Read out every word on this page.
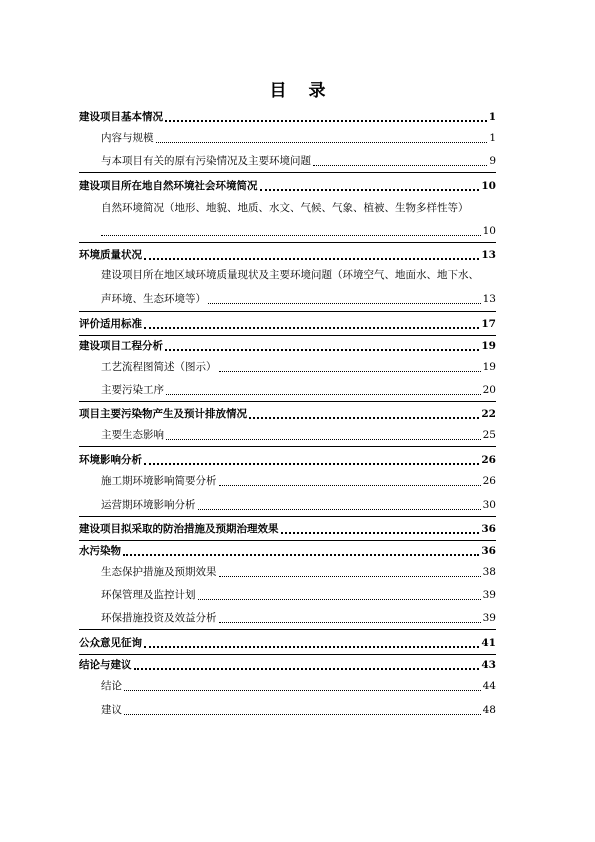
目 录
建设项目基本情况	1
内容与规模	1
与本项目有关的原有污染情况及主要环境问题	9
建设项目所在地自然环境社会环境简况	10
自然环境简况（地形、地貌、地质、水文、气候、气象、植被、生物多样性等）
10
环境质量状况	13
建设项目所在地区域环境质量现状及主要环境问题（环境空气、地面水、地下水、
声环境、生态环境等）	13
评价适用标准	17
建设项目工程分析	19
工艺流程图简述（图示）	19
主要污染工序	20
项目主要污染物产生及预计排放情况	22
主要生态影响	25
环境影响分析	26
施工期环境影响简要分析	26
运营期环境影响分析	30
建设项目拟采取的防治措施及预期治理效果	36
水污染物	36
生态保护措施及预期效果	38
环保管理及监控计划	39
环保措施投资及效益分析	39
公众意见征询	41
结论与建议	43
结论	44
建议	48
